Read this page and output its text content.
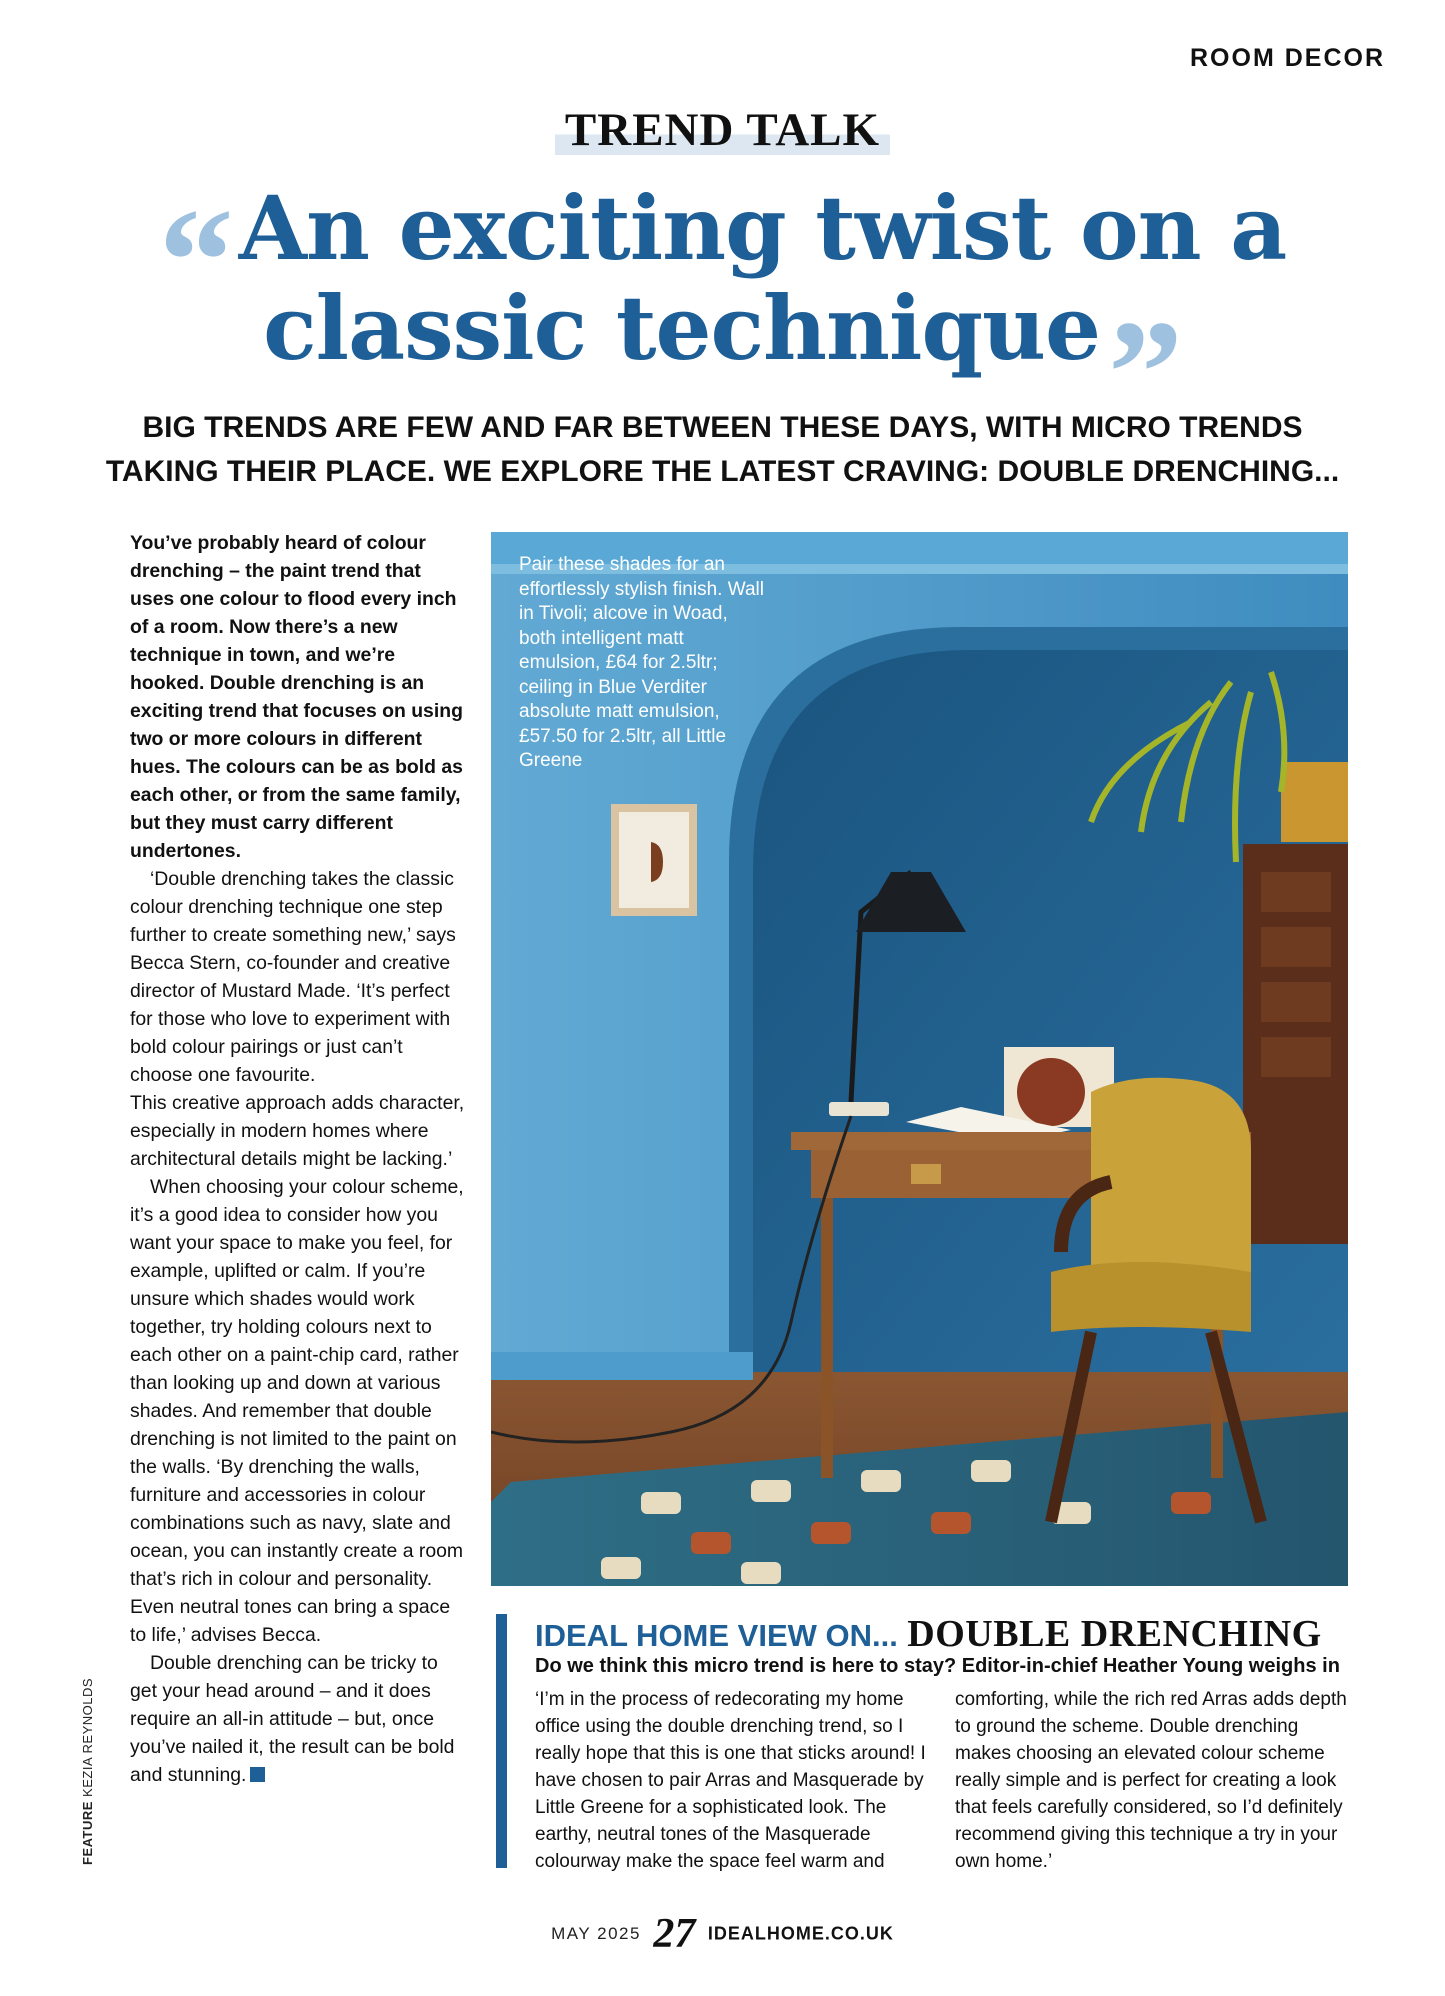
ROOM DECOR
TREND TALK
“An exciting twist on a
classic technique”
BIG TRENDS ARE FEW AND FAR BETWEEN THESE DAYS, WITH MICRO TRENDS
TAKING THEIR PLACE. WE EXPLORE THE LATEST CRAVING: DOUBLE DRENCHING...

You’ve probably heard of colour drenching – the paint trend that uses one colour to flood every inch of a room. Now there’s a new technique in town, and we’re hooked. Double drenching is an exciting trend that focuses on using two or more colours in different hues. The colours can be as bold as each other, or from the same family, but they must carry different undertones.

‘Double drenching takes the classic colour drenching technique one step further to create something new,’ says Becca Stern, co-founder and creative director of Mustard Made. ‘It’s perfect for those who love to experiment with bold colour pairings or just can’t choose one favourite.

This creative approach adds character, especially in modern homes where architectural details might be lacking.’

When choosing your colour scheme, it’s a good idea to consider how you want your space to make you feel, for example, uplifted or calm. If you’re unsure which shades would work together, try holding colours next to each other on a paint-chip card, rather than looking up and down at various shades. And remember that double drenching is not limited to the paint on the walls. ‘By drenching the walls, furniture and accessories in colour combinations such as navy, slate and ocean, you can instantly create a room that’s rich in colour and personality. Even neutral tones can bring a space to life,’ advises Becca.

Double drenching can be tricky to get your head around – and it does require an all-in attitude – but, once you’ve nailed it, the result can be bold and stunning.

FEATURE KEZIA REYNOLDS
Pair these shades for an effortlessly stylish finish. Wall in Tivoli; alcove in Woad, both intelligent matt emulsion, £64 for 2.5ltr; ceiling in Blue Verditer absolute matt emulsion, £57.50 for 2.5ltr, all Little Greene
IDEAL HOME VIEW ON... DOUBLE DRENCHING
Do we think this micro trend is here to stay? Editor-in-chief Heather Young weighs in
‘I’m in the process of redecorating my home office using the double drenching trend, so I really hope that this is one that sticks around! I have chosen to pair Arras and Masquerade by Little Greene for a sophisticated look. The earthy, neutral tones of the Masquerade colourway make the space feel warm and
comforting, while the rich red Arras adds depth to ground the scheme. Double drenching makes choosing an elevated colour scheme really simple and is perfect for creating a look that feels carefully considered, so I’d definitely recommend giving this technique a try in your own home.’
MAY 2025 27 IDEALHOME.CO.UK
